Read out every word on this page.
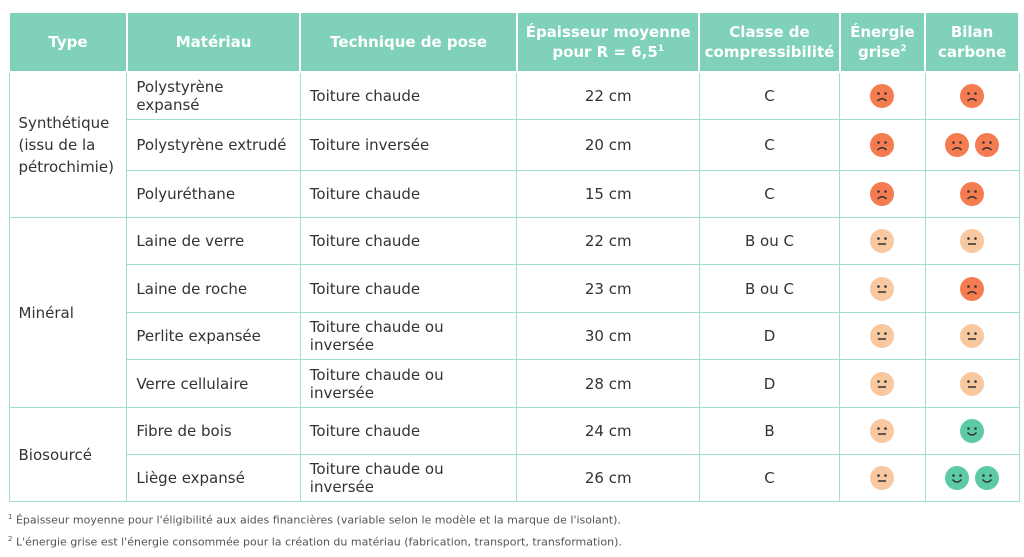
Type	Matériau	Technique de pose	Épaisseur moyenne pour $R = 6,5^1$	Classe de compressibilité	Énergie grise$^2$	Bilan carbone
Synthétique (issu de la pétrochimie)	Polystyrène expansé	Toiture chaude	22 cm	C		
	Polystyrène extrudé	Toiture inversée	20 cm	C		
	Polyuréthane	Toiture chaude	15 cm	C		
Minéral	Laine de verre	Toiture chaude	22 cm	B ou C		
	Laine de roche	Toiture chaude	23 cm	B ou C		
	Perlite expansée	Toiture chaude ou inversée	30 cm	D		
	Verre cellulaire	Toiture chaude ou inversée	28 cm	D		
Biosourcé	Fibre de bois	Toiture chaude	24 cm	B		
	Liège expansé	Toiture chaude ou inversée	26 cm	C		
$^1$ Épaisseur moyenne pour l'éligibilité aux aides financières (variable selon le modèle et la marque de l'isolant).
$^2$ L'énergie grise est l'énergie consommée pour la création du matériau (fabrication, transport, transformation).
